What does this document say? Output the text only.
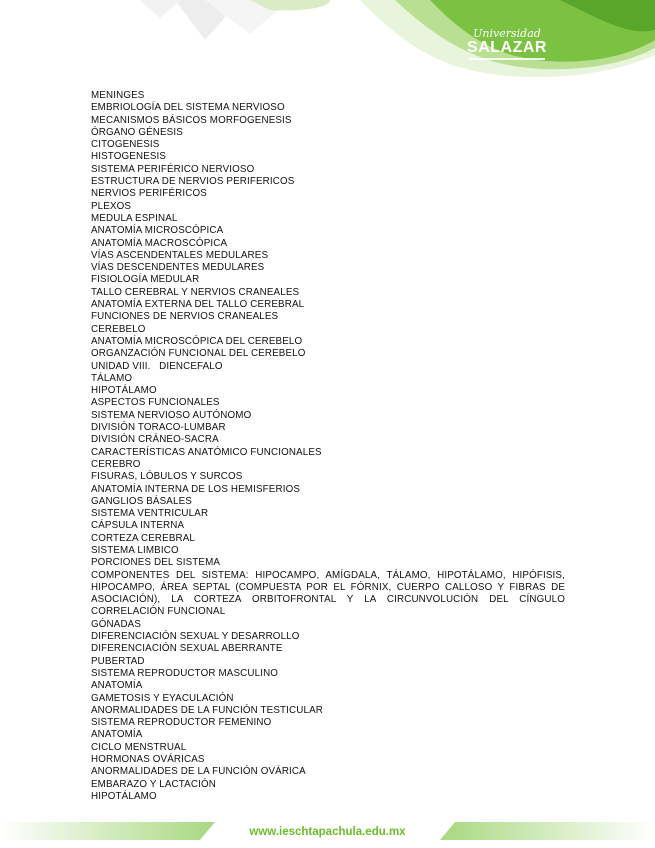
Universidad
SALAZAR
MENINGES
EMBRIOLOGÍA DEL SISTEMA NERVIOSO
MECANISMOS BÁSICOS MORFOGENESIS
ÓRGANO GÉNESIS
CITOGENESIS
HISTOGENESIS
SISTEMA PERIFÉRICO NERVIOSO
ESTRUCTURA DE NERVIOS PERIFERICOS
NERVIOS PERIFÉRICOS
PLEXOS
MEDULA ESPINAL
ANATOMÍA MICROSCÓPICA
ANATOMÍA MACROSCÓPICA
VÍAS ASCENDENTALES MEDULARES
VÍAS DESCENDENTES MEDULARES
FISIOLOGÍA MEDULAR
TALLO CEREBRAL Y NERVIOS CRANEALES
ANATOMÍA EXTERNA DEL TALLO CEREBRAL
FUNCIONES DE NERVIOS CRANEALES
CEREBELO
ANATOMÍA MICROSCÓPICA DEL CEREBELO
ORGANZACIÓN FUNCIONAL DEL CEREBELO
UNIDAD VIII.   DIENCEFALO
TÁLAMO
HIPOTÁLAMO
ASPECTOS FUNCIONALES
SISTEMA NERVIOSO AUTÓNOMO
DIVISIÓN TORACO-LUMBAR
DIVISIÓN CRÁNEO-SACRA
CARACTERÍSTICAS ANATÓMICO FUNCIONALES
CEREBRO
FISURAS, LÓBULOS Y SURCOS
ANATOMÍA INTERNA DE LOS HEMISFERIOS
GANGLIOS BÁSALES
SISTEMA VENTRICULAR
CÁPSULA INTERNA
CORTEZA CEREBRAL
SISTEMA LIMBICO
PORCIONES DEL SISTEMA
COMPONENTES DEL SISTEMA: HIPOCAMPO, AMÍGDALA, TÁLAMO, HIPOTÁLAMO, HIPÓFISIS, HIPOCAMPO, ÁREA SEPTAL (COMPUESTA POR EL FÓRNIX, CUERPO CALLOSO Y FIBRAS DE ASOCIACIÓN), LA CORTEZA ORBITOFRONTAL Y LA CIRCUNVOLUCIÓN DEL CÍNGULO CORRELACIÓN FUNCIONAL
GÓNADAS
DIFERENCIACIÓN SEXUAL Y DESARROLLO
DIFERENCIACIÓN SEXUAL ABERRANTE
PUBERTAD
SISTEMA REPRODUCTOR MASCULINO
ANATOMÍA
GAMETOSIS Y EYACULACIÓN
ANORMALIDADES DE LA FUNCIÓN TESTICULAR
SISTEMA REPRODUCTOR FEMENINO
ANATOMÍA
CICLO MENSTRUAL
HORMONAS OVÁRICAS
ANORMALIDADES DE LA FUNCIÓN OVÁRICA
EMBARAZO Y LACTACIÓN
HIPOTÁLAMO
www.ieschtapachula.edu.mx
